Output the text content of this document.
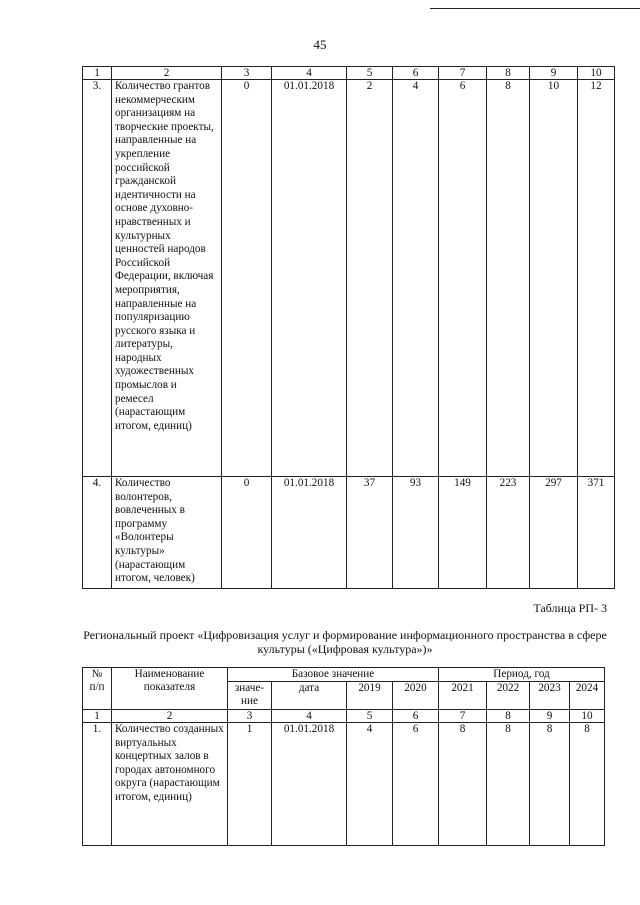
45
1	2	3	4	5	6	7	8	9	10
3.	Количество грантов некоммерческим организациям на творческие проекты, направленные на укрепление российской гражданской идентичности на основе духовно-нравственных и культурных ценностей народов Российской Федерации, включая мероприятия, направленные на популяризацию русского языка и литературы, народных художественных промыслов и ремесел (нарастающим итогом, единиц)	0	01.01.2018	2	4	6	8	10	12
4.	Количество волонтеров, вовлеченных в программу «Волонтеры культуры» (нарастающим итогом, человек)	0	01.01.2018	37	93	149	223	297	371
Таблица РП- 3
Региональный проект «Цифровизация услуг и формирование информационного пространства в сфере культуры («Цифровая культура»)»
№ п/п	Наименование показателя	Базовое значение				Период, год			
		значе-ние	дата	2019	2020	2021	2022	2023	2024
1	2	3	4	5	6	7	8	9	10
1.	Количество созданных виртуальных концертных залов в городах автономного округа (нарастающим итогом, единиц)	1	01.01.2018	4	6	8	8	8	8
